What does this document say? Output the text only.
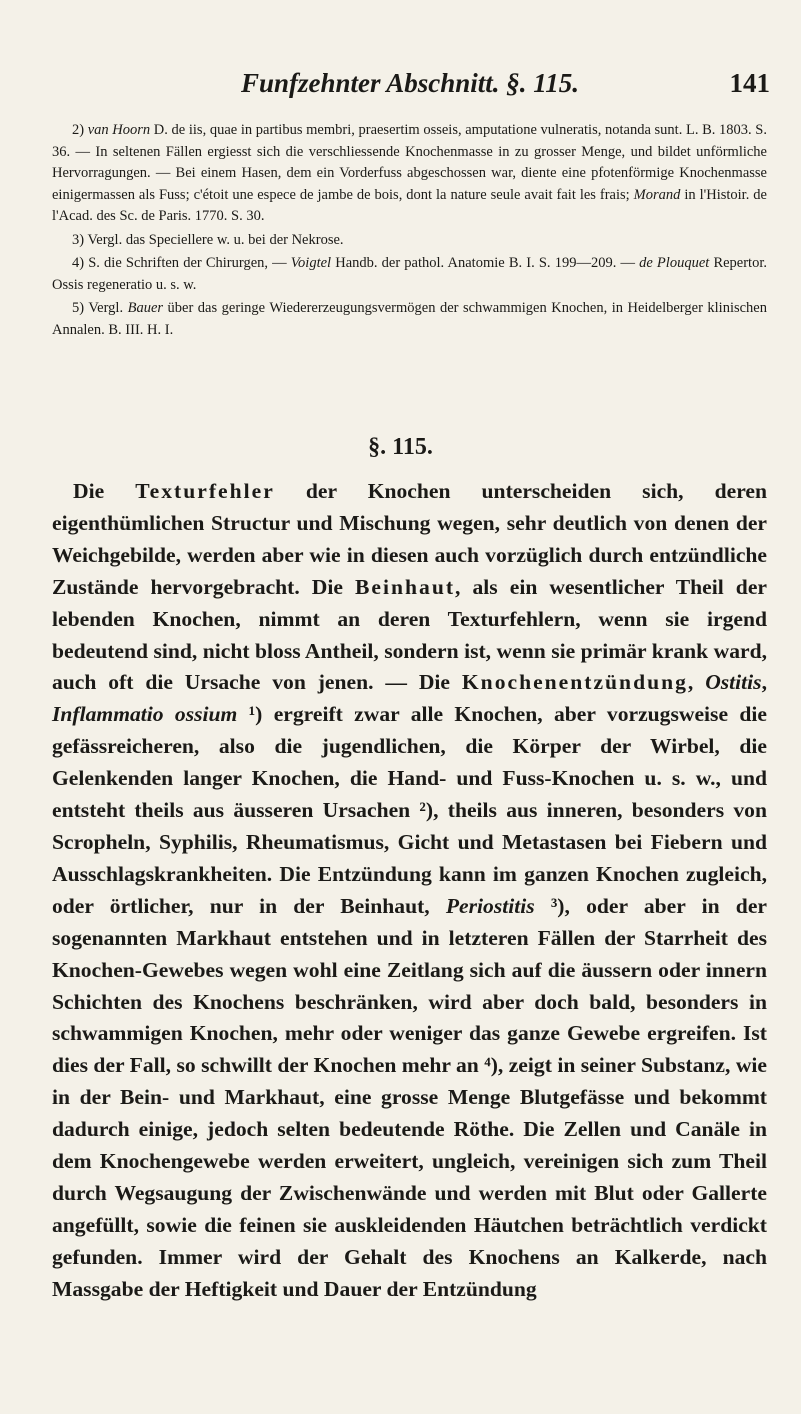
Funfzehnter Abschnitt. §. 115.	141

2) van Hoorn D. de iis, quae in partibus membri, praesertim osseis, amputatione vulneratis, notanda sunt. L. B. 1803. S. 36. — In seltenen Fällen ergiesst sich die verschliessende Knochenmasse in zu grosser Menge, und bildet unförmliche Hervorragungen. — Bei einem Hasen, dem ein Vorderfuss abgeschossen war, diente eine pfotenförmige Knochenmasse einigermassen als Fuss; c'étoit une espece de jambe de bois, dont la nature seule avait fait les frais; Morand in l'Histoir. de l'Acad. des Sc. de Paris. 1770. S. 30.

3) Vergl. das Speciellere w. u. bei der Nekrose.

4) S. die Schriften der Chirurgen, — Voigtel Handb. der pathol. Anatomie B. I. S. 199—209. — de Plouquet Repertor. Ossis regeneratio u. s. w.

5) Vergl. Bauer über das geringe Wiedererzeugungsvermögen der schwammigen Knochen, in Heidelberger klinischen Annalen. B. III. H. I.

§. 115.

Die Texturfehler der Knochen unterscheiden sich, deren eigenthümlichen Structur und Mischung wegen, sehr deutlich von denen der Weichgebilde, werden aber wie in diesen auch vorzüglich durch entzündliche Zustände hervorgebracht. Die Beinhaut, als ein wesentlicher Theil der lebenden Knochen, nimmt an deren Texturfehlern, wenn sie irgend bedeutend sind, nicht bloss Antheil, sondern ist, wenn sie primär krank ward, auch oft die Ursache von jenen. — Die Knochenentzündung, Ostitis, Inflammatio ossium ¹) ergreift zwar alle Knochen, aber vorzugsweise die gefässreicheren, also die jugendlichen, die Körper der Wirbel, die Gelenkenden langer Knochen, die Hand- und Fuss-Knochen u. s. w., und entsteht theils aus äusseren Ursachen ²), theils aus inneren, besonders von Scropheln, Syphilis, Rheumatismus, Gicht und Metastasen bei Fiebern und Ausschlagskrankheiten. Die Entzündung kann im ganzen Knochen zugleich, oder örtlicher, nur in der Beinhaut, Periostitis ³), oder aber in der sogenannten Markhaut entstehen und in letzteren Fällen der Starrheit des Knochen-Gewebes wegen wohl eine Zeitlang sich auf die äussern oder innern Schichten des Knochens beschränken, wird aber doch bald, besonders in schwammigen Knochen, mehr oder weniger das ganze Gewebe ergreifen. Ist dies der Fall, so schwillt der Knochen mehr an ⁴), zeigt in seiner Substanz, wie in der Bein- und Markhaut, eine grosse Menge Blutgefässe und bekommt dadurch einige, jedoch selten bedeutende Röthe. Die Zellen und Canäle in dem Knochengewebe werden erweitert, ungleich, vereinigen sich zum Theil durch Wegsaugung der Zwischenwände und werden mit Blut oder Gallerte angefüllt, sowie die feinen sie auskleidenden Häutchen beträchtlich verdickt gefunden. Immer wird der Gehalt des Knochens an Kalkerde, nach Massgabe der Heftigkeit und Dauer der Entzündung
